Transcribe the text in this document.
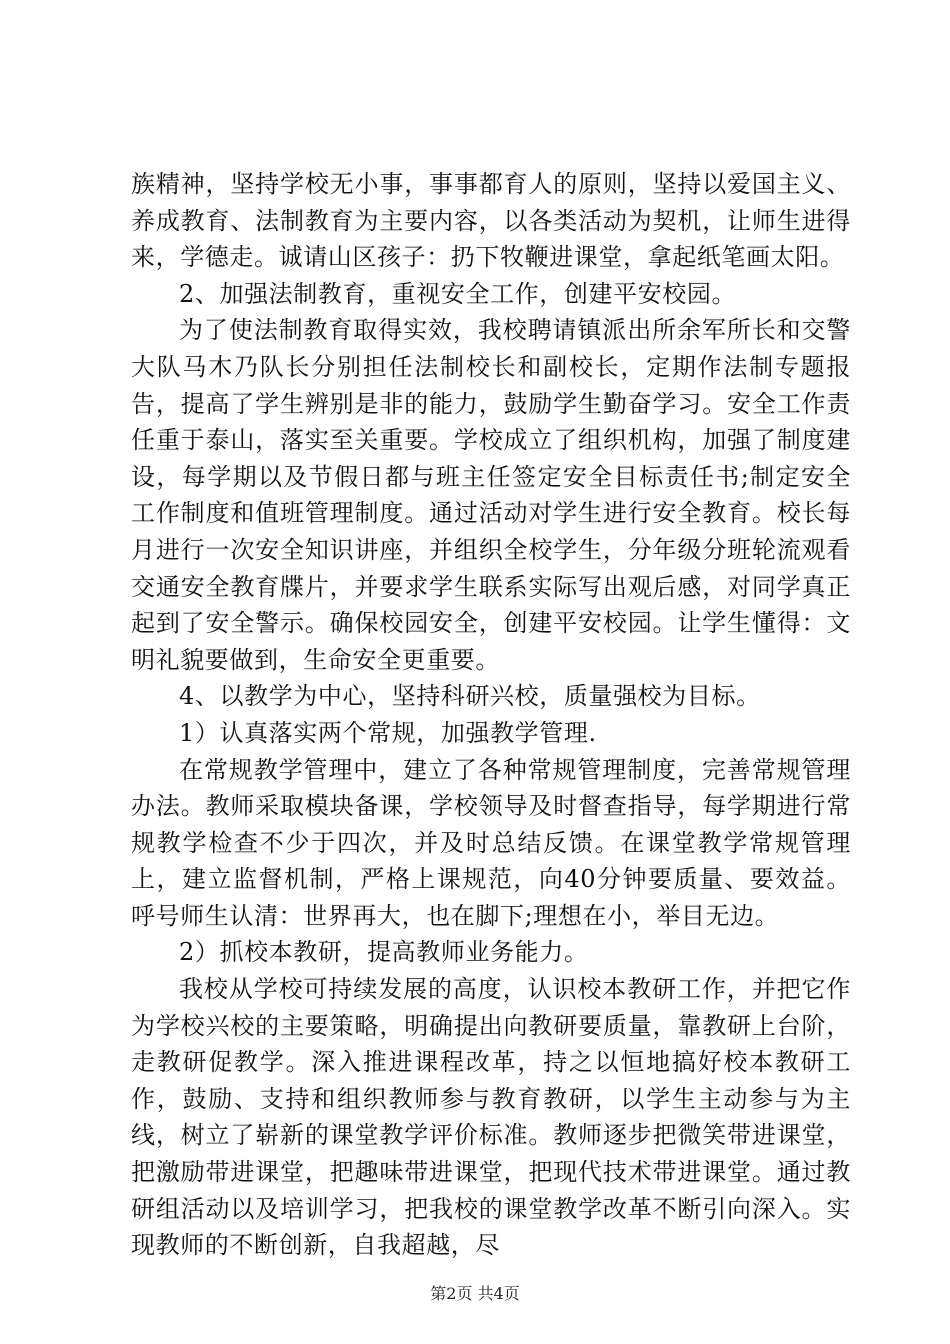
族精神，坚持学校无小事，事事都育人的原则，坚持以爱国主义、养成教育、法制教育为主要内容，以各类活动为契机，让师生进得来，学德走。诚请山区孩子：扔下牧鞭进课堂，拿起纸笔画太阳。

2、加强法制教育，重视安全工作，创建平安校园。

为了使法制教育取得实效，我校聘请镇派出所余军所长和交警大队马木乃队长分别担任法制校长和副校长，定期作法制专题报告，提高了学生辨别是非的能力，鼓励学生勤奋学习。安全工作责任重于泰山，落实至关重要。学校成立了组织机构，加强了制度建设，每学期以及节假日都与班主任签定安全目标责任书;制定安全工作制度和值班管理制度。通过活动对学生进行安全教育。校长每月进行一次安全知识讲座，并组织全校学生，分年级分班轮流观看交通安全教育牒片，并要求学生联系实际写出观后感，对同学真正起到了安全警示。确保校园安全，创建平安校园。让学生懂得：文明礼貌要做到，生命安全更重要。

4、以教学为中心，坚持科研兴校，质量强校为目标。

1）认真落实两个常规，加强教学管理.

在常规教学管理中，建立了各种常规管理制度，完善常规管理办法。教师采取模块备课，学校领导及时督查指导，每学期进行常规教学检查不少于四次，并及时总结反馈。在课堂教学常规管理上，建立监督机制，严格上课规范，向40分钟要质量、要效益。呼号师生认清：世界再大，也在脚下;理想在小，举目无边。

2）抓校本教研，提高教师业务能力。

我校从学校可持续发展的高度，认识校本教研工作，并把它作为学校兴校的主要策略，明确提出向教研要质量，靠教研上台阶，走教研促教学。深入推进课程改革，持之以恒地搞好校本教研工作，鼓励、支持和组织教师参与教育教研，以学生主动参与为主线，树立了崭新的课堂教学评价标准。教师逐步把微笑带进课堂，把激励带进课堂，把趣味带进课堂，把现代技术带进课堂。通过教研组活动以及培训学习，把我校的课堂教学改革不断引向深入。实现教师的不断创新，自我超越，尽

第2页 共4页
